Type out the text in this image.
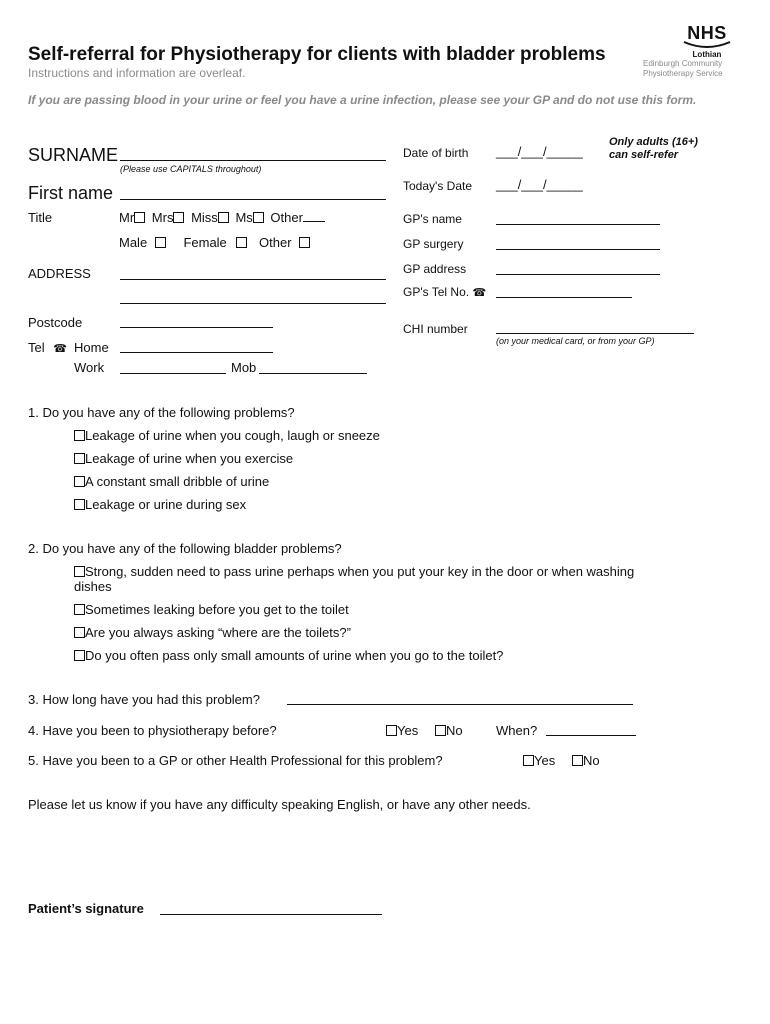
Self-referral for Physiotherapy for clients with bladder problems
Instructions and information are overleaf.
If you are passing blood in your urine or feel you have a urine infection, please see your GP and do not use this form.
NHS
Lothian
Edinburgh Community
Physiotherapy Service
SURNAME
(Please use CAPITALS throughout)
First name
Title	Mr Mrs Miss Ms Other
Male	Female Other
ADDRESS
Postcode
Tel ☎ Home
Work	Mob
Date of birth ___/___/_____
Only adults (16+)
can self-refer
Today's Date ___/___/_____
GP's name
GP surgery
GP address
GP's Tel No. ☎
CHI number
(on your medical card, or from your GP)
1. Do you have any of the following problems?
Leakage of urine when you cough, laugh or sneeze
Leakage of urine when you exercise
A constant small dribble of urine
Leakage or urine during sex
2. Do you have any of the following bladder problems?
Strong, sudden need to pass urine perhaps when you put your key in the door or when washing
dishes
Sometimes leaking before you get to the toilet
Are you always asking “where are the toilets?”
Do you often pass only small amounts of urine when you go to the toilet?
3. How long have you had this problem?
4. Have you been to physiotherapy before?	Yes	No	When?
5. Have you been to a GP or other Health Professional for this problem?	Yes	No
Please let us know if you have any difficulty speaking English, or have any other needs.
Patient’s signature
